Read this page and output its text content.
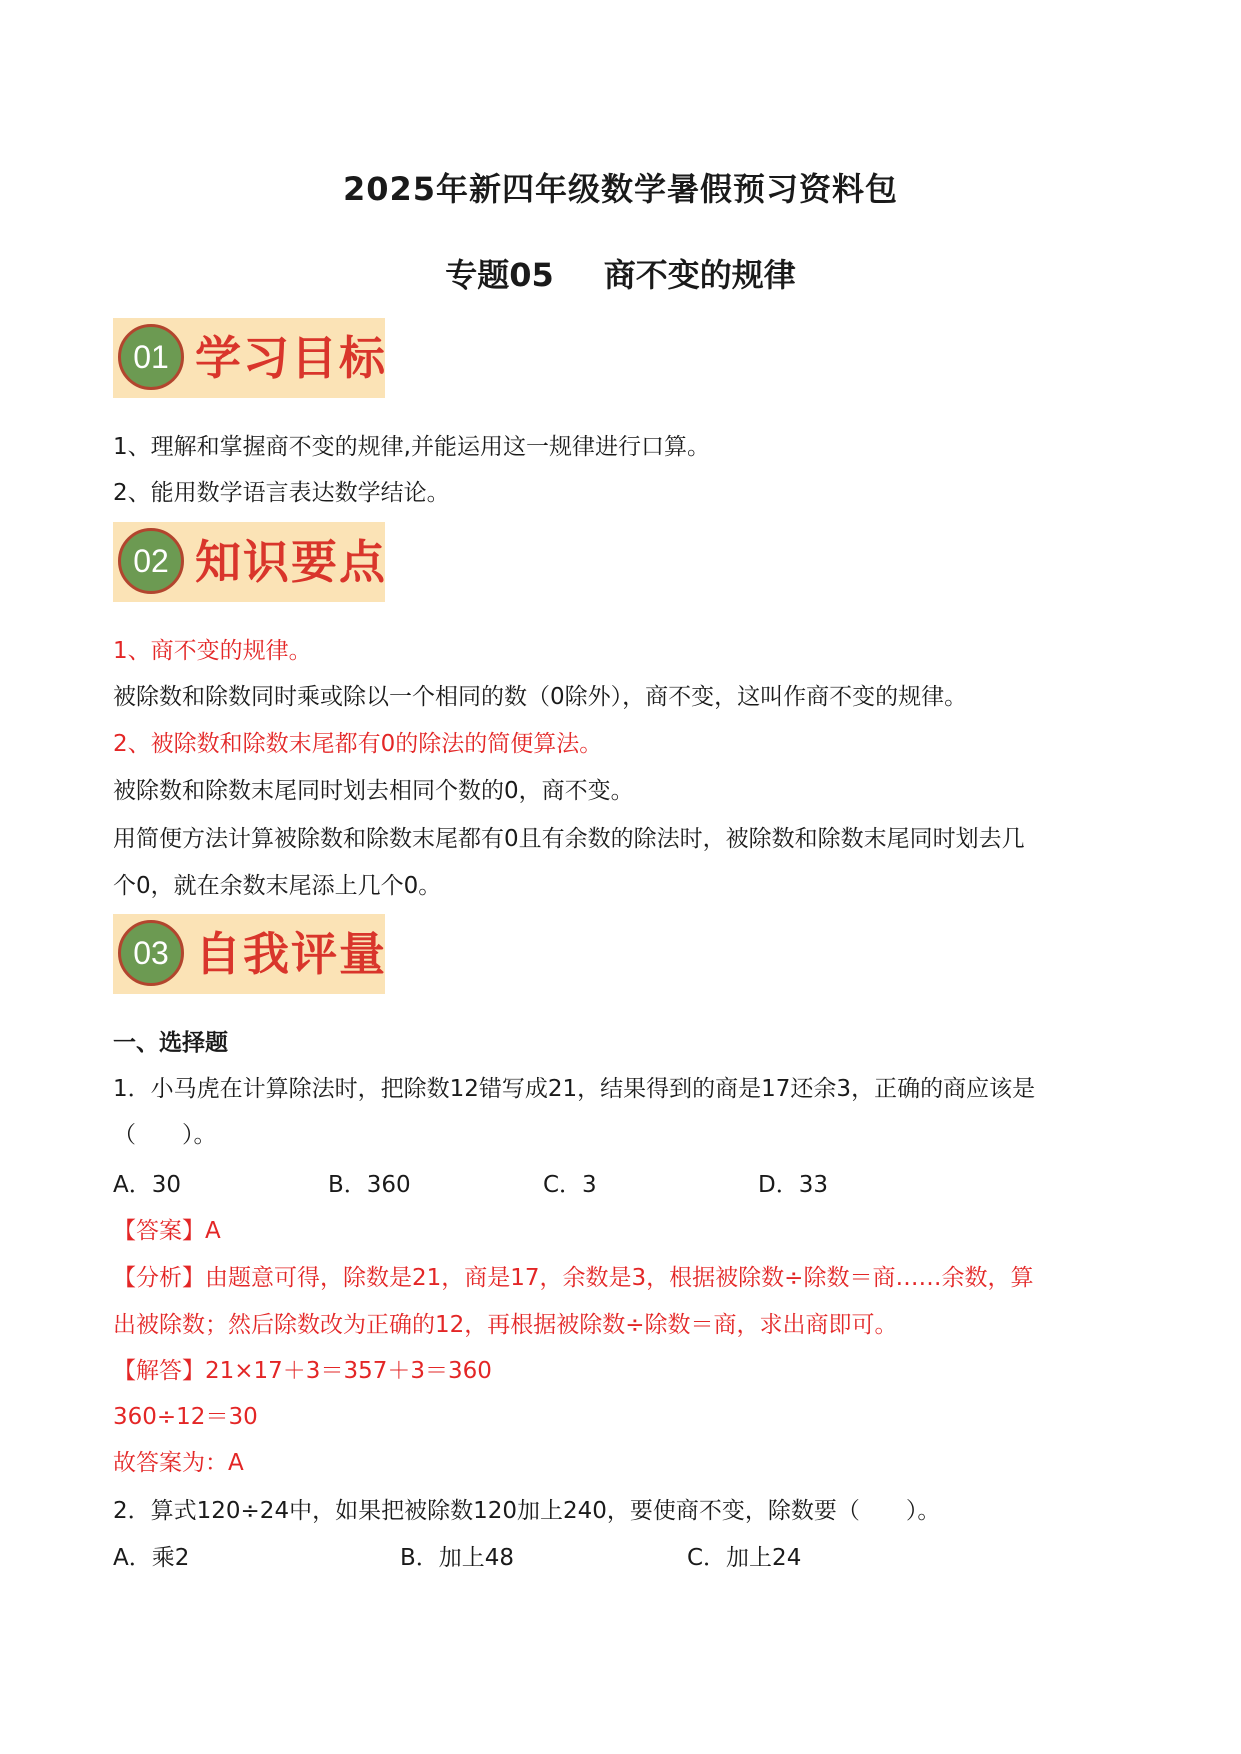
2025年新四年级数学暑假预习资料包
专题05 商不变的规律
01 学习目标
1、理解和掌握商不变的规律,并能运用这一规律进行口算。
2、能用数学语言表达数学结论。
02 知识要点
1、商不变的规律。
被除数和除数同时乘或除以一个相同的数（0除外），商不变，这叫作商不变的规律。
2、被除数和除数末尾都有0的除法的简便算法。
被除数和除数末尾同时划去相同个数的0，商不变。
用简便方法计算被除数和除数末尾都有0且有余数的除法时，被除数和除数末尾同时划去几
个0，就在余数末尾添上几个0。
03 自我评量
一、选择题
1．小马虎在计算除法时，把除数12错写成21，结果得到的商是17还余3，正确的商应该是
（　　）。
A．30	B．360	C．3	D．33
【答案】A
【分析】由题意可得，除数是21，商是17，余数是3，根据被除数÷除数＝商……余数，算
出被除数；然后除数改为正确的12，再根据被除数÷除数＝商，求出商即可。
【解答】21×17＋3＝357＋3＝360
360÷12＝30
故答案为：A
2．算式120÷24中，如果把被除数120加上240，要使商不变，除数要（　　）。
A．乘2	B．加上48	C．加上24
